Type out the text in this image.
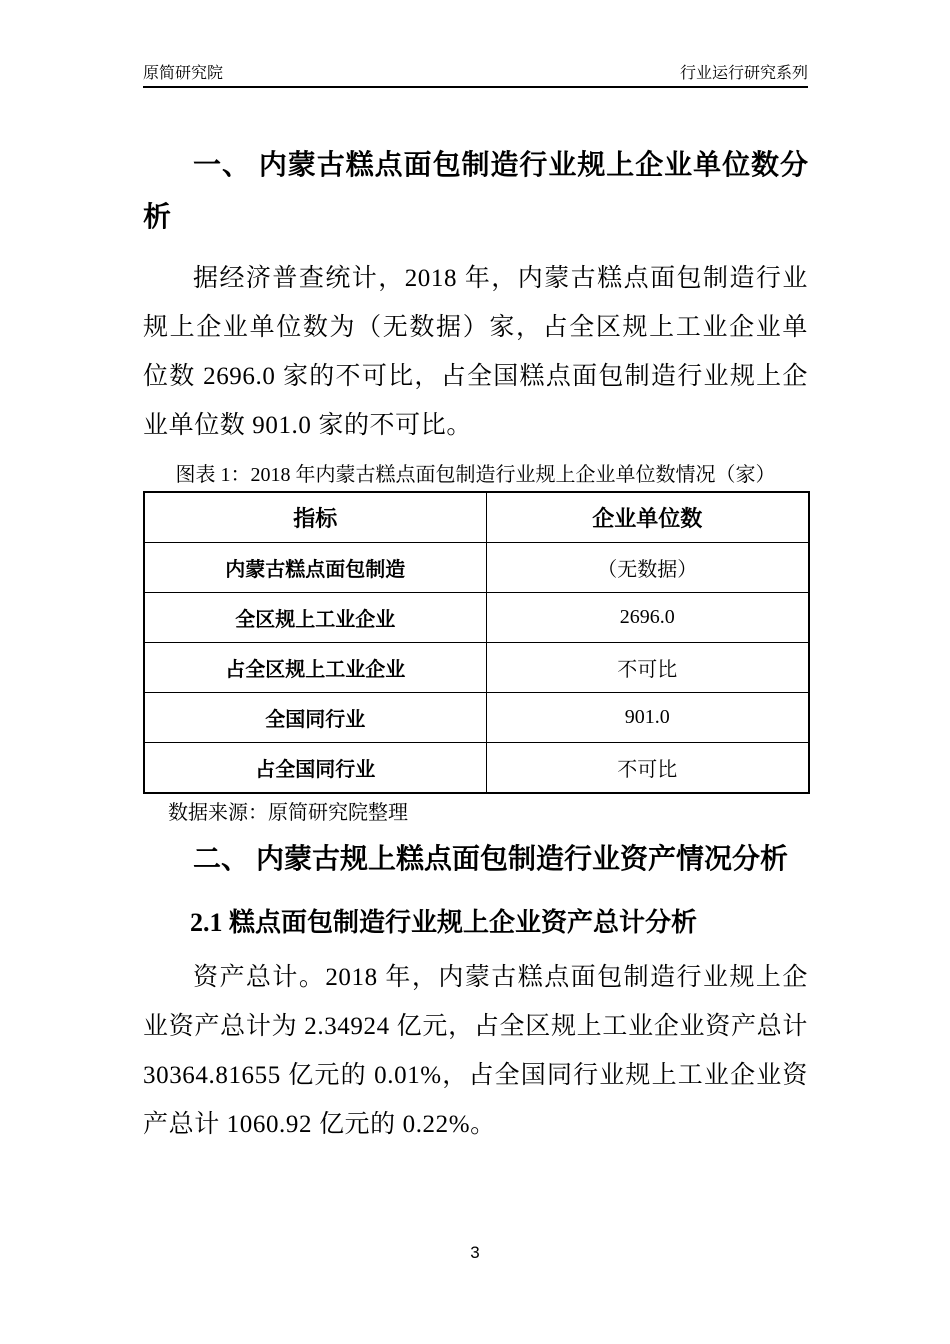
原简研究院	行业运行研究系列
一、 内蒙古糕点面包制造行业规上企业单位数分析
据经济普查统计，2018 年，内蒙古糕点面包制造行业规上企业单位数为（无数据）家，占全区规上工业企业单位数 2696.0 家的不可比，占全国糕点面包制造行业规上企业单位数 901.0 家的不可比。
图表 1：2018 年内蒙古糕点面包制造行业规上企业单位数情况（家）
指标	企业单位数
内蒙古糕点面包制造	（无数据）
全区规上工业企业	2696.0
占全区规上工业企业	不可比
全国同行业	901.0
占全国同行业	不可比
数据来源：原简研究院整理
二、 内蒙古规上糕点面包制造行业资产情况分析
2.1 糕点面包制造行业规上企业资产总计分析
资产总计。2018 年，内蒙古糕点面包制造行业规上企业资产总计为 2.34924 亿元，占全区规上工业企业资产总计 30364.81655 亿元的 0.01%，占全国同行业规上工业企业资产总计 1060.92 亿元的 0.22%。
3
